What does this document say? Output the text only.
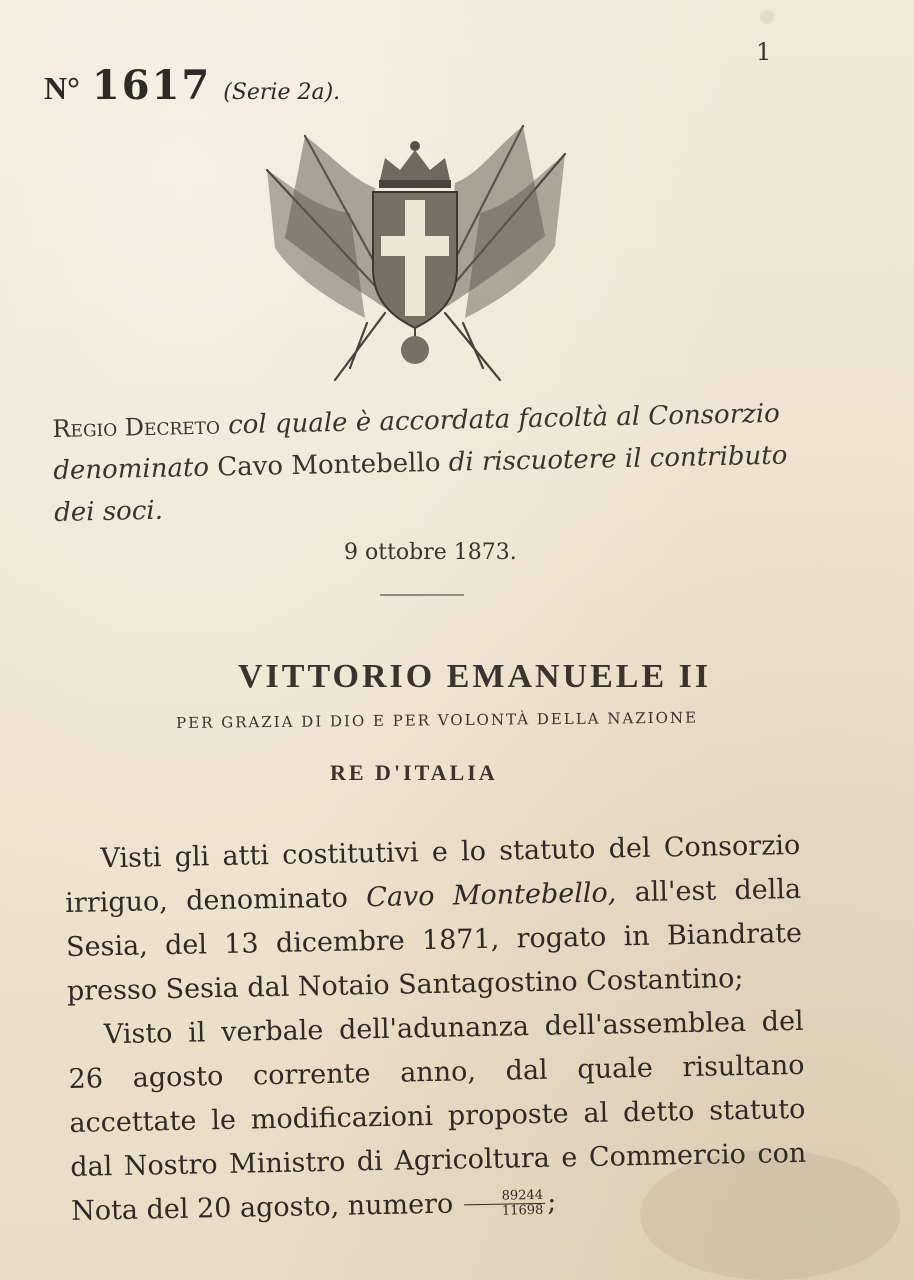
1
N° 1617 (Serie 2a).
Regio Decreto col quale è accordata facoltà al Consorzio denominato Cavo Montebello di riscuotere il contributo dei soci.
9 ottobre 1873.
VITTORIO EMANUELE II
PER GRAZIA DI DIO E PER VOLONTÀ DELLA NAZIONE
RE D'ITALIA

Visti gli atti costitutivi e lo statuto del Consorzio irriguo, denominato Cavo Montebello, all'est della Sesia, del 13 dicembre 1871, rogato in Biandrate presso Sesia dal Notaio Santagostino Costantino;

Visto il verbale dell'adunanza dell'assemblea del 26 agosto corrente anno, dal quale risultano accettate le modificazioni proposte al detto statuto dal Nostro Ministro di Agricoltura e Commercio con Nota del 20 agosto, numero $\frac{89244}{11698}$ ;
